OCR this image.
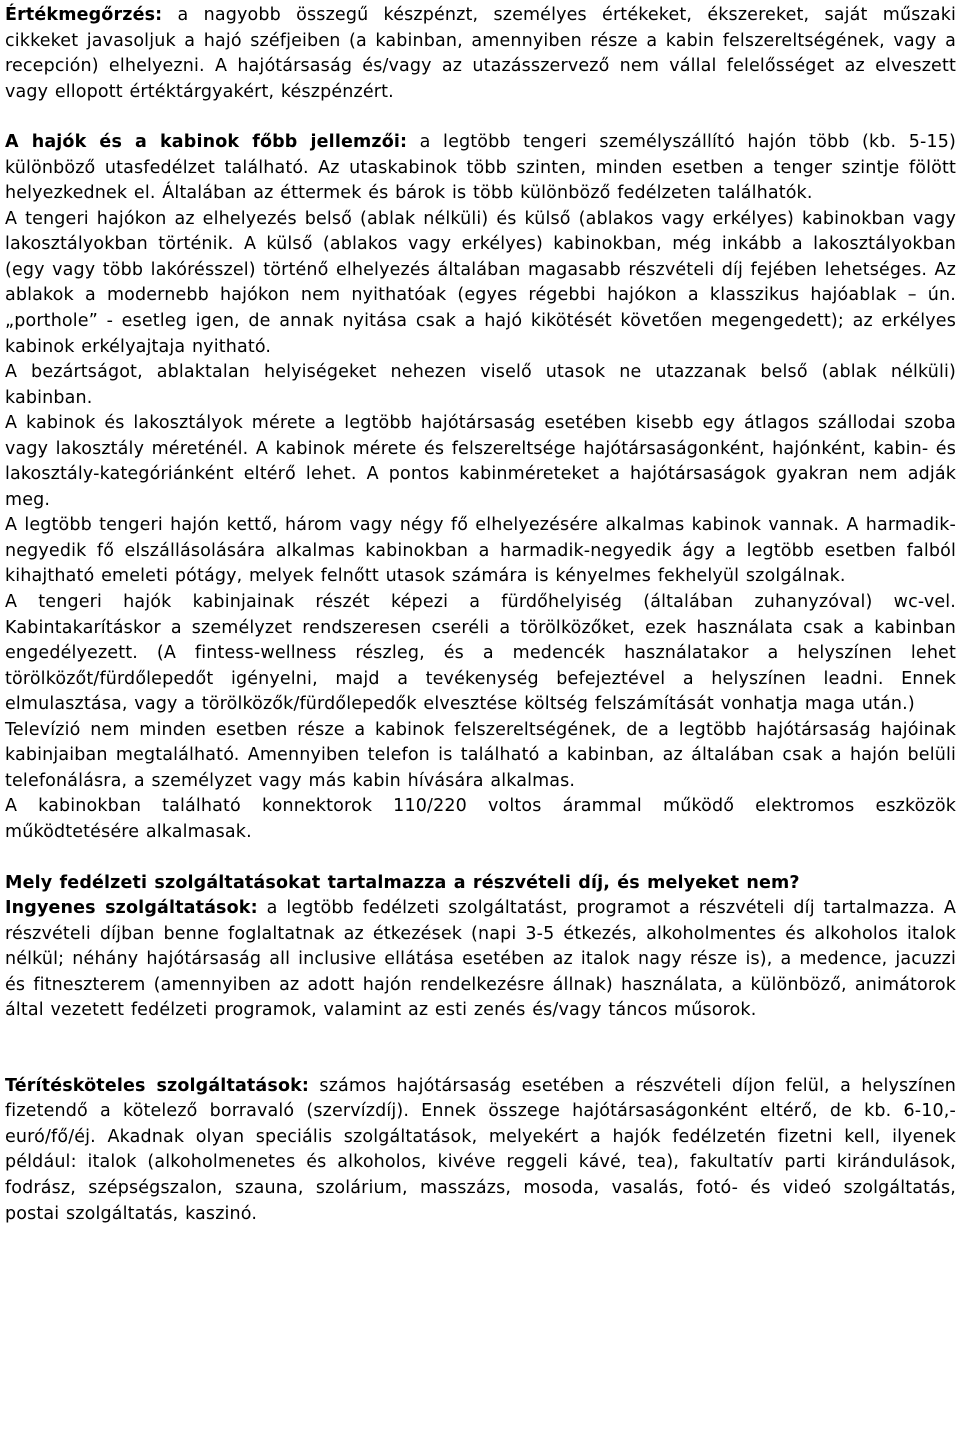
Értékmegőrzés: a nagyobb összegű készpénzt, személyes értékeket, ékszereket, saját műszaki cikkeket javasoljuk a hajó széfjeiben (a kabinban, amennyiben része a kabin felszereltségének, vagy a recepción) elhelyezni. A hajótársaság és/vagy az utazásszervező nem vállal felelősséget az elveszett vagy ellopott értéktárgyakért, készpénzért.

A hajók és a kabinok főbb jellemzői: a legtöbb tengeri személyszállító hajón több (kb. 5-15) különböző utasfedélzet található. Az utaskabinok több szinten, minden esetben a tenger szintje fölött helyezkednek el. Általában az éttermek és bárok is több különböző fedélzeten találhatók.

A tengeri hajókon az elhelyezés belső (ablak nélküli) és külső (ablakos vagy erkélyes) kabinokban vagy lakosztályokban történik. A külső (ablakos vagy erkélyes) kabinokban, még inkább a lakosztályokban (egy vagy több lakórésszel) történő elhelyezés általában magasabb részvételi díj fejében lehetséges. Az ablakok a modernebb hajókon nem nyithatóak (egyes régebbi hajókon a klasszikus hajóablak – ún. „porthole” - esetleg igen, de annak nyitása csak a hajó kikötését követően megengedett); az erkélyes kabinok erkélyajtaja nyitható.

A bezártságot, ablaktalan helyiségeket nehezen viselő utasok ne utazzanak belső (ablak nélküli) kabinban.

A kabinok és lakosztályok mérete a legtöbb hajótársaság esetében kisebb egy átlagos szállodai szoba vagy lakosztály méreténél. A kabinok mérete és felszereltsége hajótársaságonként, hajónként, kabin- és lakosztály-kategóriánként eltérő lehet. A pontos kabinméreteket a hajótársaságok gyakran nem adják meg.

A legtöbb tengeri hajón kettő, három vagy négy fő elhelyezésére alkalmas kabinok vannak. A harmadik-negyedik fő elszállásolására alkalmas kabinokban a harmadik-negyedik ágy a legtöbb esetben falból kihajtható emeleti pótágy, melyek felnőtt utasok számára is kényelmes fekhelyül szolgálnak.

A tengeri hajók kabinjainak részét képezi a fürdőhelyiség (általában zuhanyzóval) wc-vel. Kabintakarításkor a személyzet rendszeresen cseréli a törölközőket, ezek használata csak a kabinban engedélyezett. (A fintess-wellness részleg, és a medencék használatakor a helyszínen lehet törölközőt/fürdőlepedőt igényelni, majd a tevékenység befejeztével a helyszínen leadni. Ennek elmulasztása, vagy a törölközők/fürdőlepedők elvesztése költség felszámítását vonhatja maga után.)

Televízió nem minden esetben része a kabinok felszereltségének, de a legtöbb hajótársaság hajóinak kabinjaiban megtalálható. Amennyiben telefon is található a kabinban, az általában csak a hajón belüli telefonálásra, a személyzet vagy más kabin hívására alkalmas.

A kabinokban található konnektorok 110/220 voltos árammal működő elektromos eszközök működtetésére alkalmasak.

Mely fedélzeti szolgáltatásokat tartalmazza a részvételi díj, és melyeket nem?

Ingyenes szolgáltatások: a legtöbb fedélzeti szolgáltatást, programot a részvételi díj tartalmazza. A részvételi díjban benne foglaltatnak az étkezések (napi 3-5 étkezés, alkoholmentes és alkoholos italok nélkül; néhány hajótársaság all inclusive ellátása esetében az italok nagy része is), a medence, jacuzzi és fitneszterem (amennyiben az adott hajón rendelkezésre állnak) használata, a különböző, animátorok által vezetett fedélzeti programok, valamint az esti zenés és/vagy táncos műsorok.

Térítésköteles szolgáltatások: számos hajótársaság esetében a részvételi díjon felül, a helyszínen fizetendő a kötelező borravaló (szervízdíj). Ennek összege hajótársaságonként eltérő, de kb. 6-10,- euró/fő/éj. Akadnak olyan speciális szolgáltatások, melyekért a hajók fedélzetén fizetni kell, ilyenek például: italok (alkoholmenetes és alkoholos, kivéve reggeli kávé, tea), fakultatív parti kirándulások, fodrász, szépségszalon, szauna, szolárium, masszázs, mosoda, vasalás, fotó- és videó szolgáltatás, postai szolgáltatás, kaszinó.
